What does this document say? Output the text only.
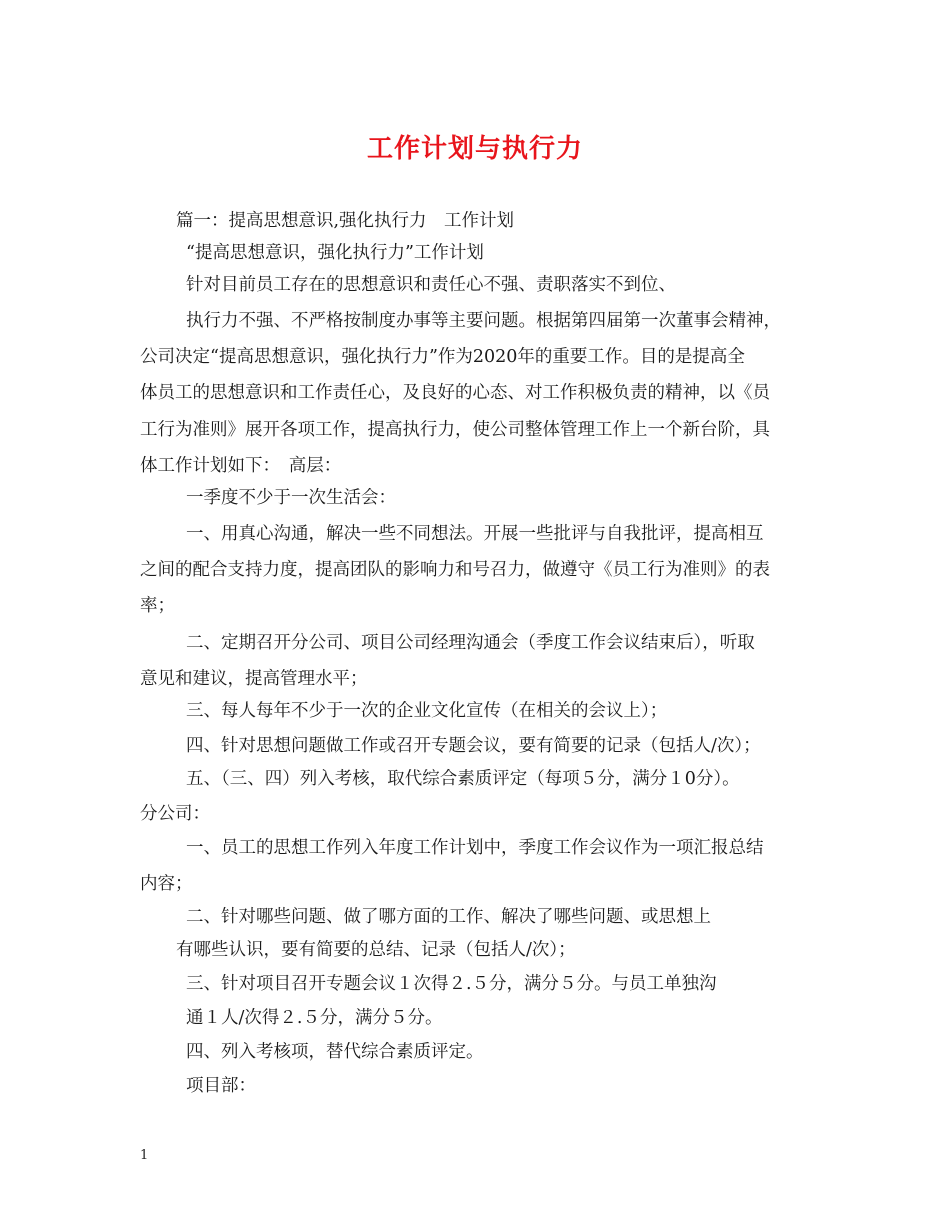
工作计划与执行力
篇一：提高思想意识,强化执行力　工作计划
“提高思想意识，强化执行力”工作计划
针对目前员工存在的思想意识和责任心不强、责职落实不到位、
执行力不强、不严格按制度办事等主要问题。根据第四届第一次董事会精神，
公司决定“提高思想意识，强化执行力”作为2020年的重要工作。目的是提高全
体员工的思想意识和工作责任心，及良好的心态、对工作积极负责的精神，以《员
工行为准则》展开各项工作，提高执行力，使公司整体管理工作上一个新台阶，具
体工作计划如下：　高层：
一季度不少于一次生活会：
一、用真心沟通，解决一些不同想法。开展一些批评与自我批评，提高相互
之间的配合支持力度，提高团队的影响力和号召力，做遵守《员工行为准则》的表
率；
二、定期召开分公司、项目公司经理沟通会（季度工作会议结束后），听取
意见和建议，提高管理水平；
三、每人每年不少于一次的企业文化宣传（在相关的会议上）；
四、针对思想问题做工作或召开专题会议，要有简要的记录（包括人/次）；
五、（三、四）列入考核，取代综合素质评定（每项５分，满分１0分）。
分公司：
一、员工的思想工作列入年度工作计划中，季度工作会议作为一项汇报总结
内容；
二、针对哪些问题、做了哪方面的工作、解决了哪些问题、或思想上
有哪些认识，要有简要的总结、记录（包括人/次）；
三、针对项目召开专题会议１次得２.５分，满分５分。与员工单独沟
通１人/次得２.５分，满分５分。
四、列入考核项，替代综合素质评定。
项目部：
1
